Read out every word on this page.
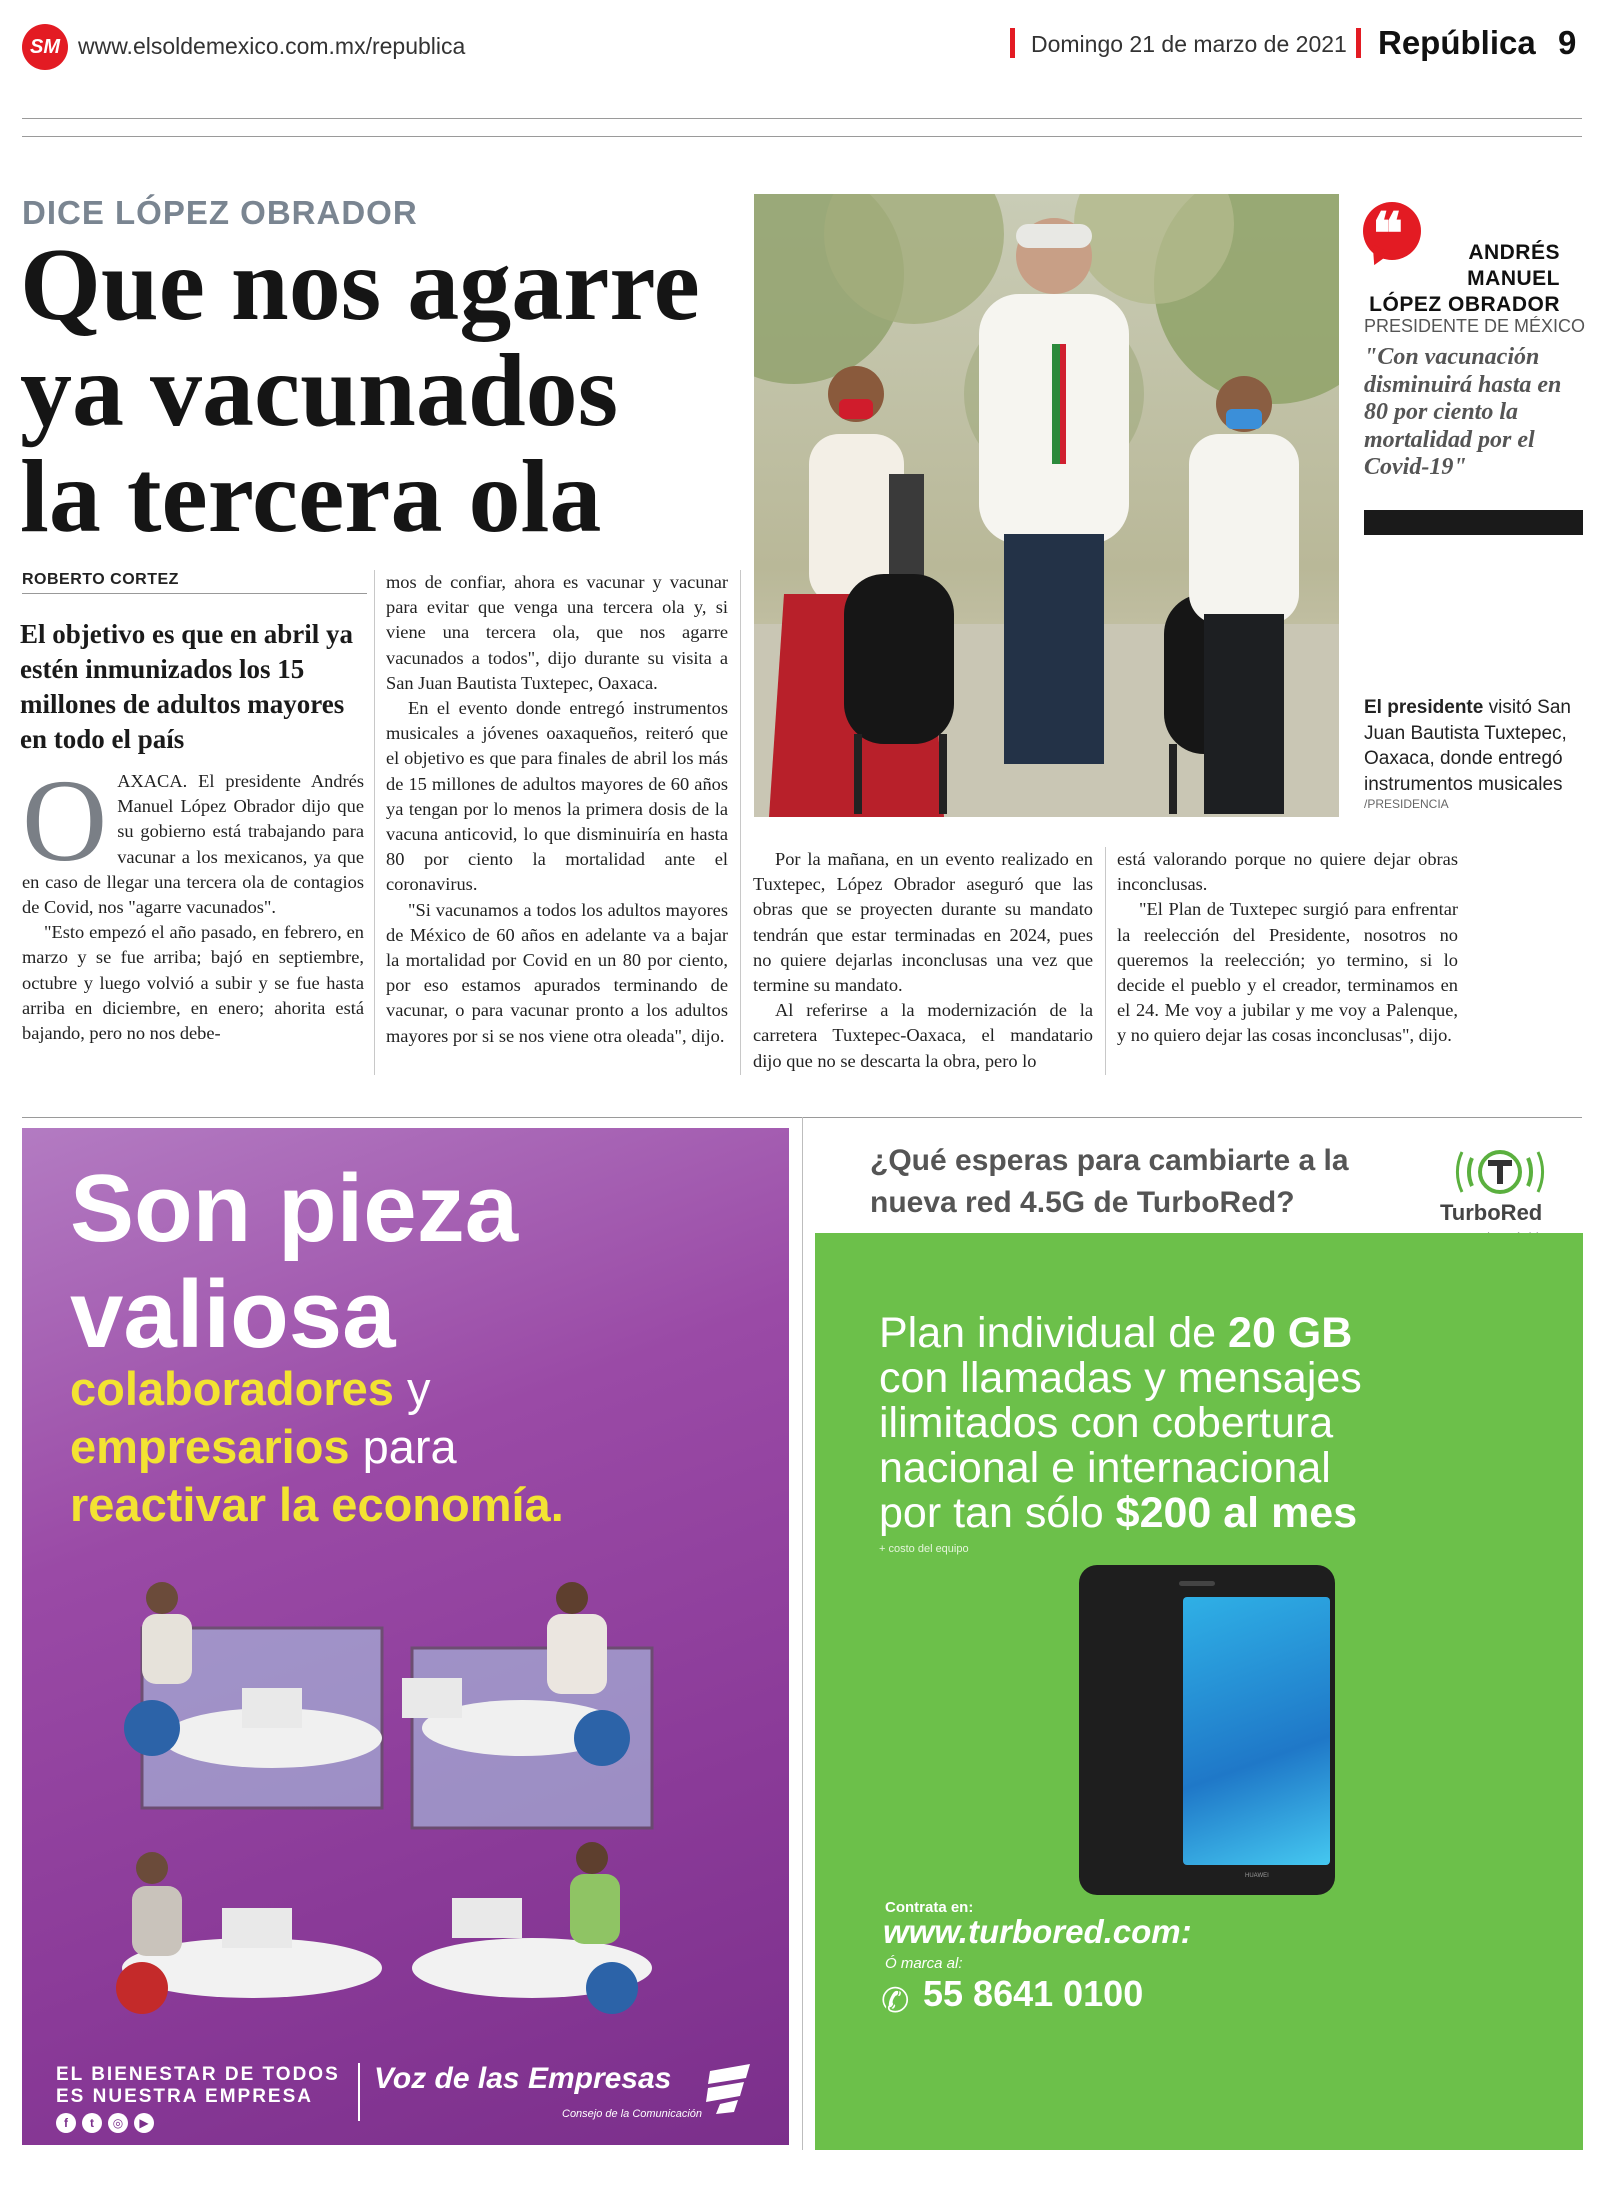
SM www.elsoldemexico.com.mx/republica	Domingo 21 de marzo de 2021 República 9
DICE LÓPEZ OBRADOR
Que nos agarre
ya vacunados
la tercera ola
ROBERTO CORTEZ
El objetivo es que en abril ya estén inmunizados los 15 millones de adultos mayores en todo el país
O AXACA. El presidente Andrés Manuel López Obrador dijo que su gobierno está trabajando para vacunar a los mexicanos, ya que en caso de llegar una tercera ola de contagios de Covid, nos "agarre vacunados".

"Esto empezó el año pasado, en febrero, en marzo y se fue arriba; bajó en septiembre, octubre y luego volvió a subir y se fue hasta arriba en diciembre, en enero; ahorita está bajando, pero no nos debe-

mos de confiar, ahora es vacunar y vacunar para evitar que venga una tercera ola y, si viene una tercera ola, que nos agarre vacunados a todos", dijo durante su visita a San Juan Bautista Tuxtepec, Oaxaca.

En el evento donde entregó instrumentos musicales a jóvenes oaxaqueños, reiteró que el objetivo es que para finales de abril los más de 15 millones de adultos mayores de 60 años ya tengan por lo menos la primera dosis de la vacuna anticovid, lo que disminuiría en hasta 80 por ciento la mortalidad ante el coronavirus.

"Si vacunamos a todos los adultos mayores de México de 60 años en adelante va a bajar la mortalidad por Covid en un 80 por ciento, por eso estamos apurados terminando de vacunar, o para vacunar pronto a los adultos mayores por si se nos viene otra oleada", dijo.

Por la mañana, en un evento realizado en Tuxtepec, López Obrador aseguró que las obras que se proyecten durante su mandato tendrán que estar terminadas en 2024, pues no quiere dejarlas inconclusas una vez que termine su mandato.

Al referirse a la modernización de la carretera Tuxtepec-Oaxaca, el mandatario dijo que no se descarta la obra, pero lo

está valorando porque no quiere dejar obras inconclusas.

"El Plan de Tuxtepec surgió para enfrentar la reelección del Presidente, nosotros no queremos la reelección; yo termino, si lo decide el pueblo y el creador, terminamos en el 24. Me voy a jubilar y me voy a Palenque, y no quiero dejar las cosas inconclusas", dijo.

❝	ANDRÉS
MANUEL
LÓPEZ OBRADOR
PRESIDENTE DE MÉXICO
"Con vacunación disminuirá hasta en 80 por ciento la mortalidad por el Covid-19"
El presidente visitó San Juan Bautista Tuxtepec, Oaxaca, donde entregó instrumentos musicales
/PRESIDENCIA
Son pieza
valiosa
colaboradores y
empresarios para
reactivar la economía.
EL BIENESTAR DE TODOS
ES NUESTRA EMPRESA
f	t	◎	▶
Voz de las Empresas
Consejo de la Comunicación
¿Qué esperas para cambiarte a la
nueva red 4.5G de TurboRed?	TurboRed
Plan individual de 20 GB
con llamadas y mensajes
ilimitados con cobertura
nacional e internacional
por tan sólo $200 al mes
+ costo del equipo
HUAWEI
Contrata en:
www.turbored.com:
Ó marca al:
✆ 55 8641 0100
